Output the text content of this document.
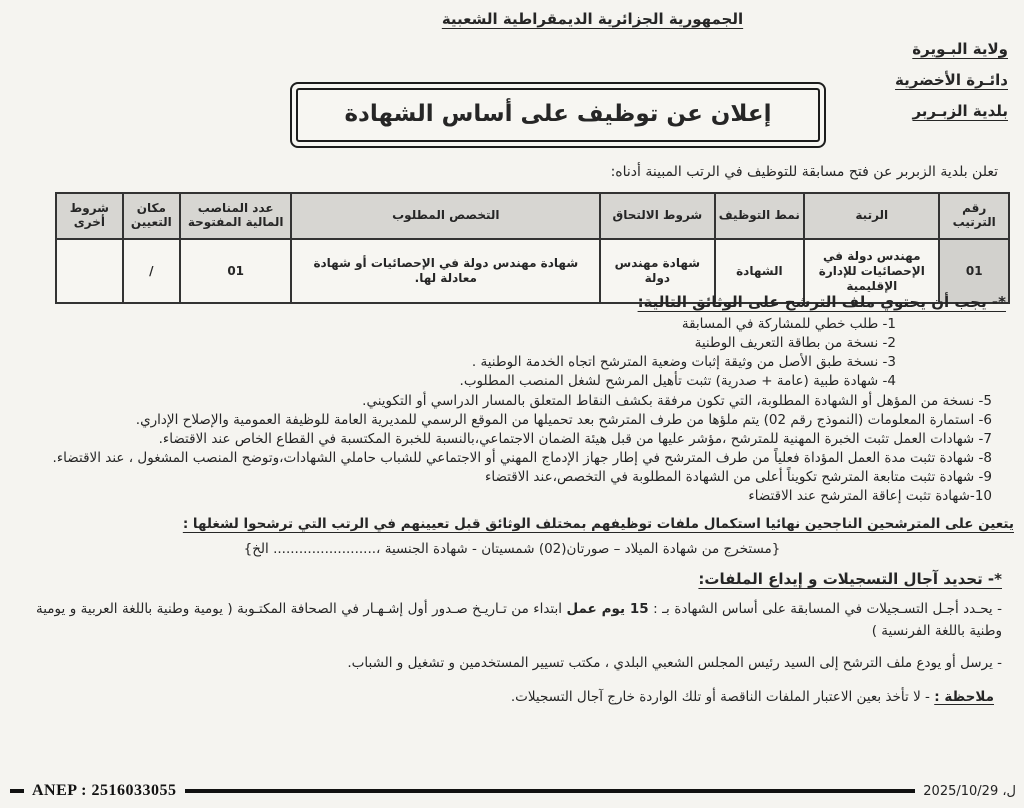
الجمهورية الجزائرية الديمقراطية الشعبية
ولاية البـويرة
دائـرة الأخضرية
بلدية الزبـربر
إعلان عن توظيف على أساس الشهادة
تعلن بلدية الزبربر عن فتح مسابقة للتوظيف في الرتب المبينة أدناه:
رقم الترتيب	الرتبة	نمط التوظيف	شروط الالتحاق	التخصص المطلوب	عدد المناصب المالية المفتوحة	مكان التعيين	شروط أخرى
01	مهندس دولة في الإحصائيات للإدارة الإقليمية	الشهادة	شهادة مهندس دولة	شهادة مهندس دولة في الإحصائيات أو شهادة معادلة لها.	01	/	
*- يجب أن يحتوي ملف الترشح على الوثائق التالية:
1- طلب خطي للمشاركة في المسابقة
2- نسخة من بطاقة التعريف الوطنية
3- نسخة طبق الأصل من وثيقة إثبات وضعية المترشح اتجاه الخدمة الوطنية .
4- شهادة طبية (عامة + صدرية) تثبت تأهيل المرشح لشغل المنصب المطلوب.
5- نسخة من المؤهل أو الشهادة المطلوبة، التي تكون مرفقة بكشف النقاط المتعلق بالمسار الدراسي أو التكويني.
6- استمارة المعلومات (النموذج رقم 02) يتم ملؤها من طرف المترشح بعد تحميلها من الموقع الرسمي للمديرية العامة للوظيفة العمومية والإصلاح الإداري.
7- شهادات العمل تثبت الخبرة المهنية للمترشح ،مؤشر عليها من قبل هيئة الضمان الاجتماعي،بالنسبة للخبرة المكتسبة في القطاع الخاص عند الاقتضاء.
8- شهادة تثبت مدة العمل المؤداة فعلياً من طرف المترشح في إطار جهاز الإدماج المهني أو الاجتماعي للشباب حاملي الشهادات،وتوضح المنصب المشغول ، عند الاقتضاء.
9- شهادة تثبت متابعة المترشح تكويناً أعلى من الشهادة المطلوبة في التخصص،عند الاقتضاء
10-شهادة تثبت إعاقة المترشح عند الاقتضاء
يتعين على المترشحين الناجحين نهائيا استكمال ملفات توظيفهم بمختلف الوثائق قبل تعيينهم في الرتب التي ترشحوا لشغلها :
{مستخرج من شهادة الميلاد – صورتان(02) شمسيتان - شهادة الجنسية ،........................ الخ}
*- تحديد آجال التسجيلات و إيداع الملفات:

- يحـدد أجـل التسـجيلات في المسابقة على أساس الشهادة بـ : 15 يوم عمل ابتداء من تـاريـخ صـدور أول إشـهـار في الصحافة المكتـوبة ( يومية وطنية باللغة العربية و يومية وطنية باللغة الفرنسية )

- يرسل أو يودع ملف الترشح إلى السيد رئيس المجلس الشعبي البلدي ، مكتب تسيير المستخدمين و تشغيل و الشباب.

ملاحظة : - لا تأخذ بعين الاعتبار الملفات الناقصة أو تلك الواردة خارج آجال التسجيلات.

ANEP : 2516033055	ل، 2025/10/29
